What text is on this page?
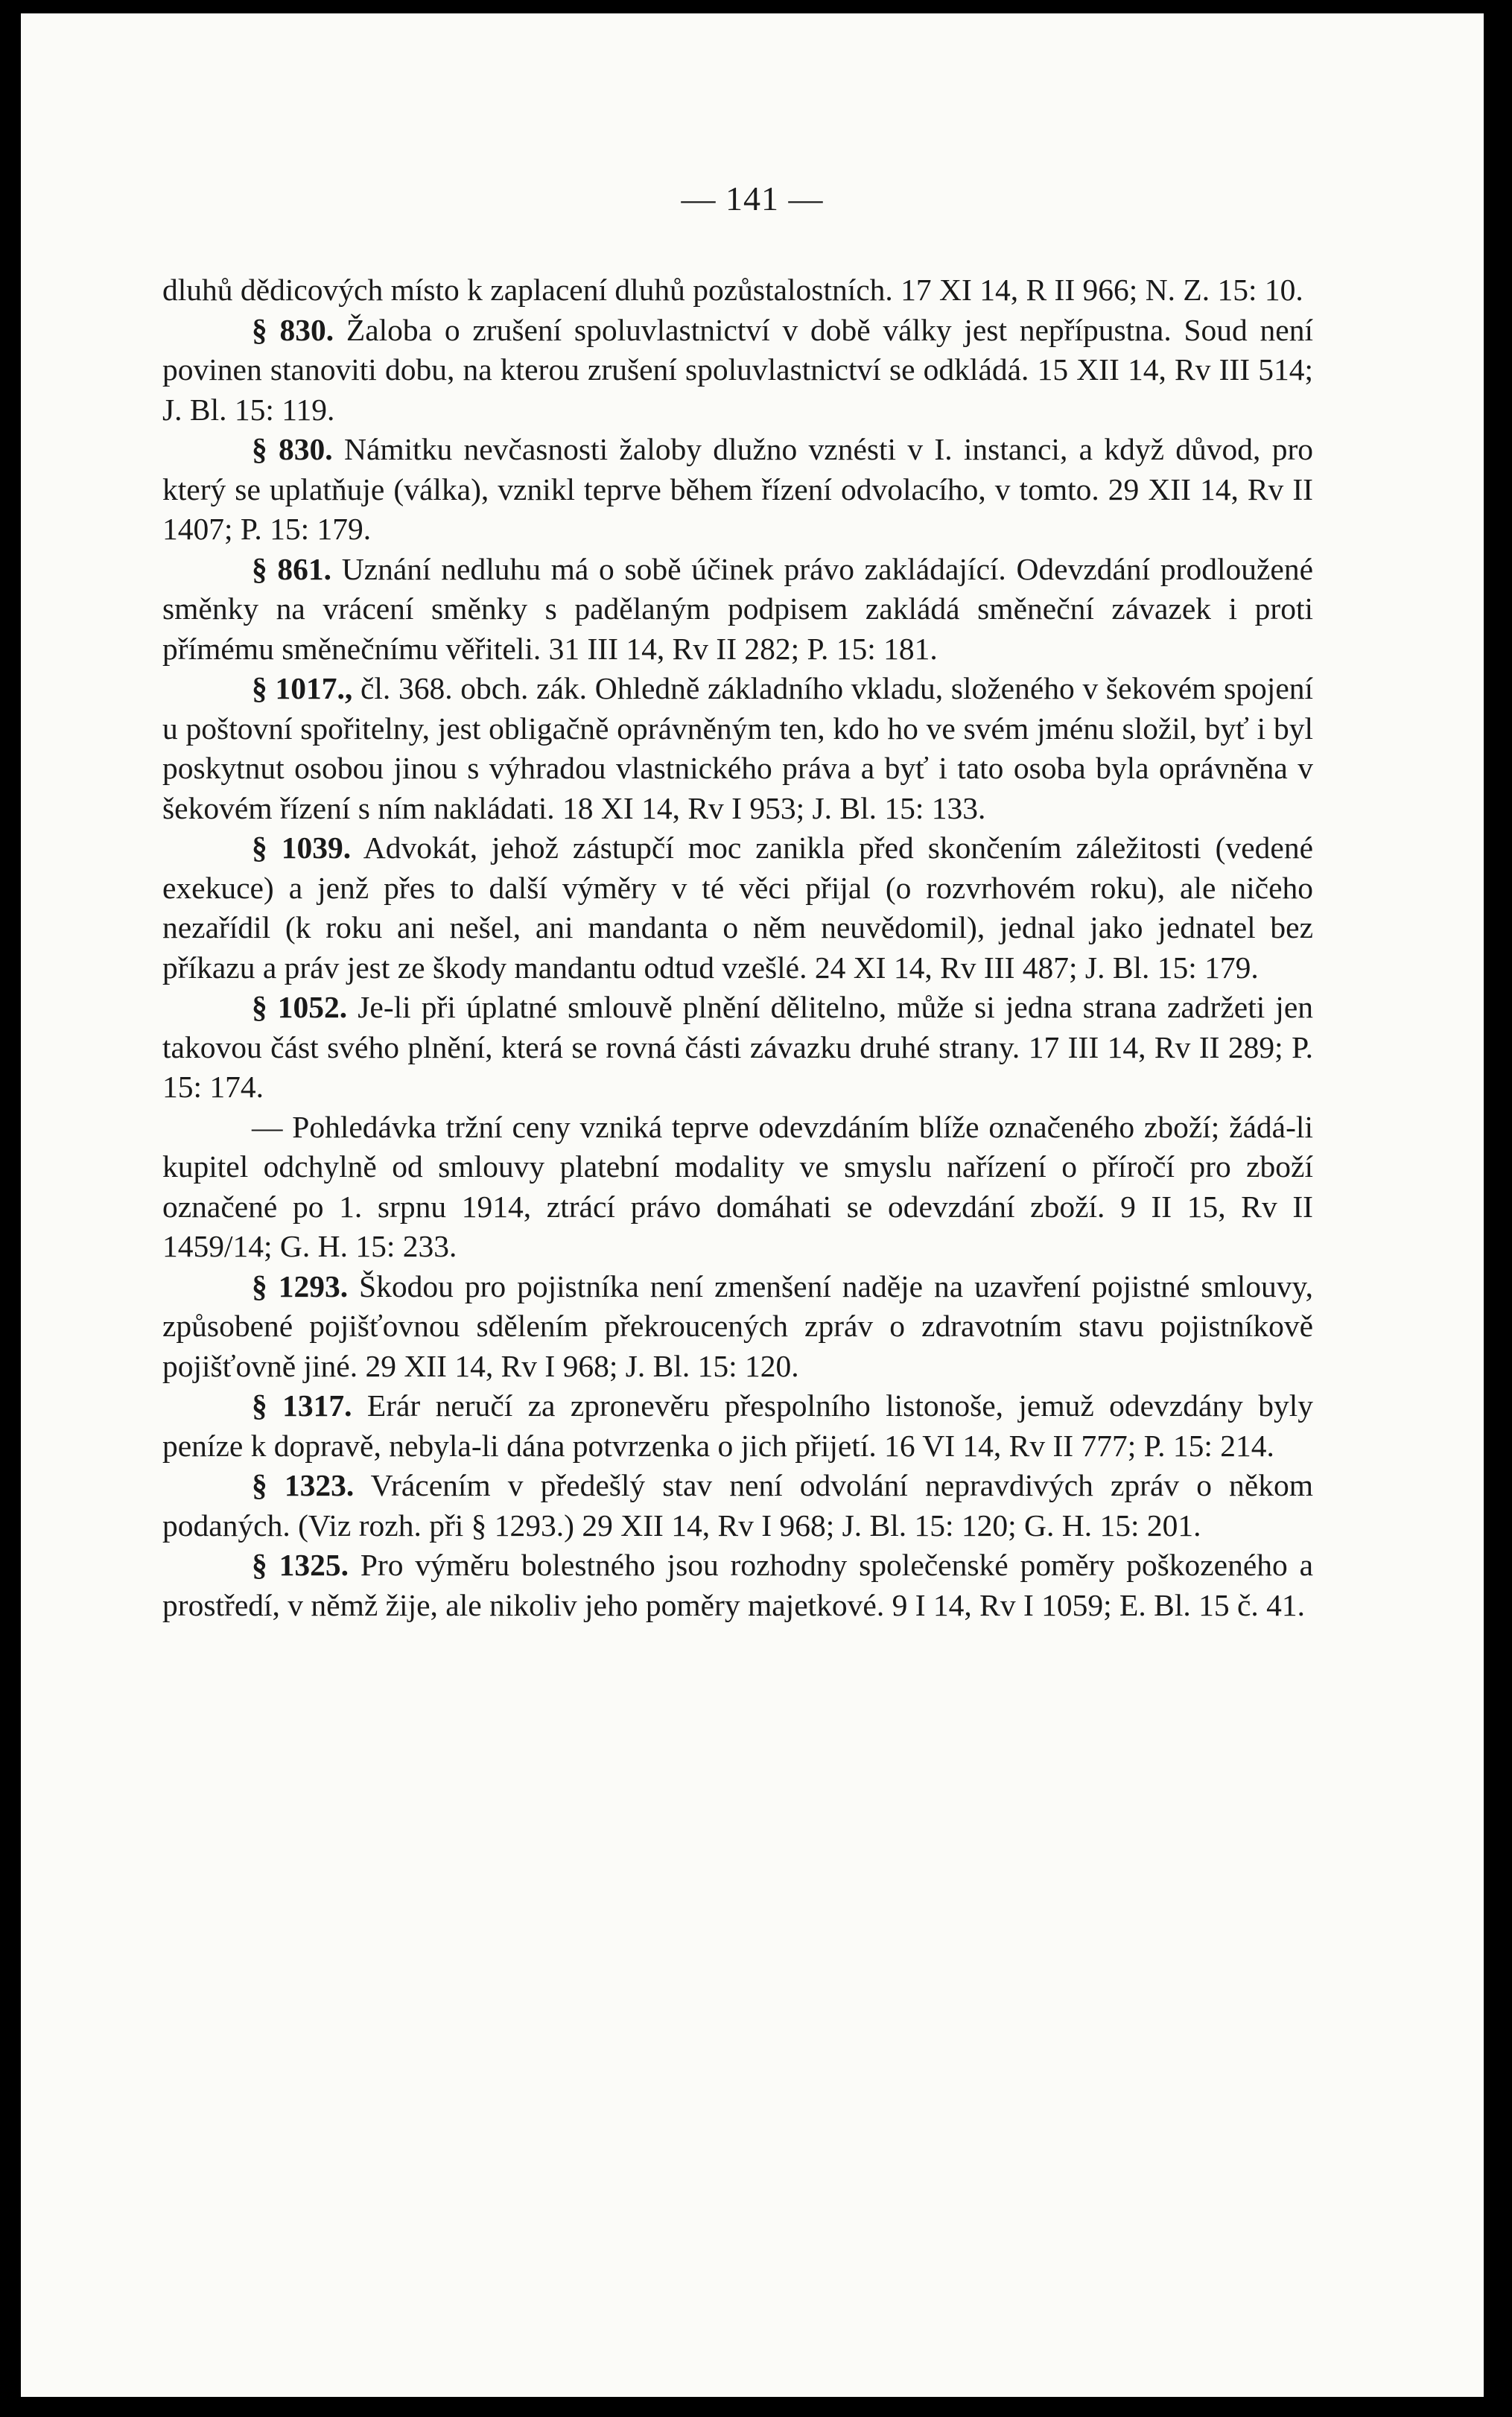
— 141 —

dluhů dědicových místo k zaplacení dluhů pozůstalostních. 17 XI 14, R II 966; N. Z. 15: 10.

§ 830. Žaloba o zrušení spoluvlastnictví v době války jest nepřípustna. Soud není povinen stanoviti dobu, na kterou zrušení spoluvlastnictví se odkládá. 15 XII 14, Rv III 514; J. Bl. 15: 119.

§ 830. Námitku nevčasnosti žaloby dlužno vznésti v I. instanci, a když důvod, pro který se uplatňuje (válka), vznikl teprve během řízení odvolacího, v tomto. 29 XII 14, Rv II 1407; P. 15: 179.

§ 861. Uznání nedluhu má o sobě účinek právo zakládající. Odevzdání prodloužené směnky na vrácení směnky s padělaným podpisem zakládá směneční závazek i proti přímému směnečnímu věřiteli. 31 III 14, Rv II 282; P. 15: 181.

§ 1017., čl. 368. obch. zák. Ohledně základního vkladu, složeného v šekovém spojení u poštovní spořitelny, jest obligačně oprávněným ten, kdo ho ve svém jménu složil, byť i byl poskytnut osobou jinou s výhradou vlastnického práva a byť i tato osoba byla oprávněna v šekovém řízení s ním nakládati. 18 XI 14, Rv I 953; J. Bl. 15: 133.

§ 1039. Advokát, jehož zástupčí moc zanikla před skončením záležitosti (vedené exekuce) a jenž přes to další výměry v té věci přijal (o rozvrhovém roku), ale ničeho nezařídil (k roku ani nešel, ani mandanta o něm neuvědomil), jednal jako jednatel bez příkazu a práv jest ze škody mandantu odtud vzešlé. 24 XI 14, Rv III 487; J. Bl. 15: 179.

§ 1052. Je-li při úplatné smlouvě plnění dělitelno, může si jedna strana zadržeti jen takovou část svého plnění, která se rovná části závazku druhé strany. 17 III 14, Rv II 289; P. 15: 174.

— Pohledávka tržní ceny vzniká teprve odevzdáním blíže označeného zboží; žádá-li kupitel odchylně od smlouvy platební modality ve smyslu nařízení o příročí pro zboží označené po 1. srpnu 1914, ztrácí právo domáhati se odevzdání zboží. 9 II 15, Rv II 1459/14; G. H. 15: 233.

§ 1293. Škodou pro pojistníka není zmenšení naděje na uzavření pojistné smlouvy, způsobené pojišťovnou sdělením překroucených zpráv o zdravotním stavu pojistníkově pojišťovně jiné. 29 XII 14, Rv I 968; J. Bl. 15: 120.

§ 1317. Erár neručí za zpronevěru přespolního listonoše, jemuž odevzdány byly peníze k dopravě, nebyla-li dána potvrzenka o jich přijetí. 16 VI 14, Rv II 777; P. 15: 214.

§ 1323. Vrácením v předešlý stav není odvolání nepravdivých zpráv o někom podaných. (Viz rozh. při § 1293.) 29 XII 14, Rv I 968; J. Bl. 15: 120; G. H. 15: 201.

§ 1325. Pro výměru bolestného jsou rozhodny společenské poměry poškozeného a prostředí, v němž žije, ale nikoliv jeho poměry majetkové. 9 I 14, Rv I 1059; E. Bl. 15 č. 41.
